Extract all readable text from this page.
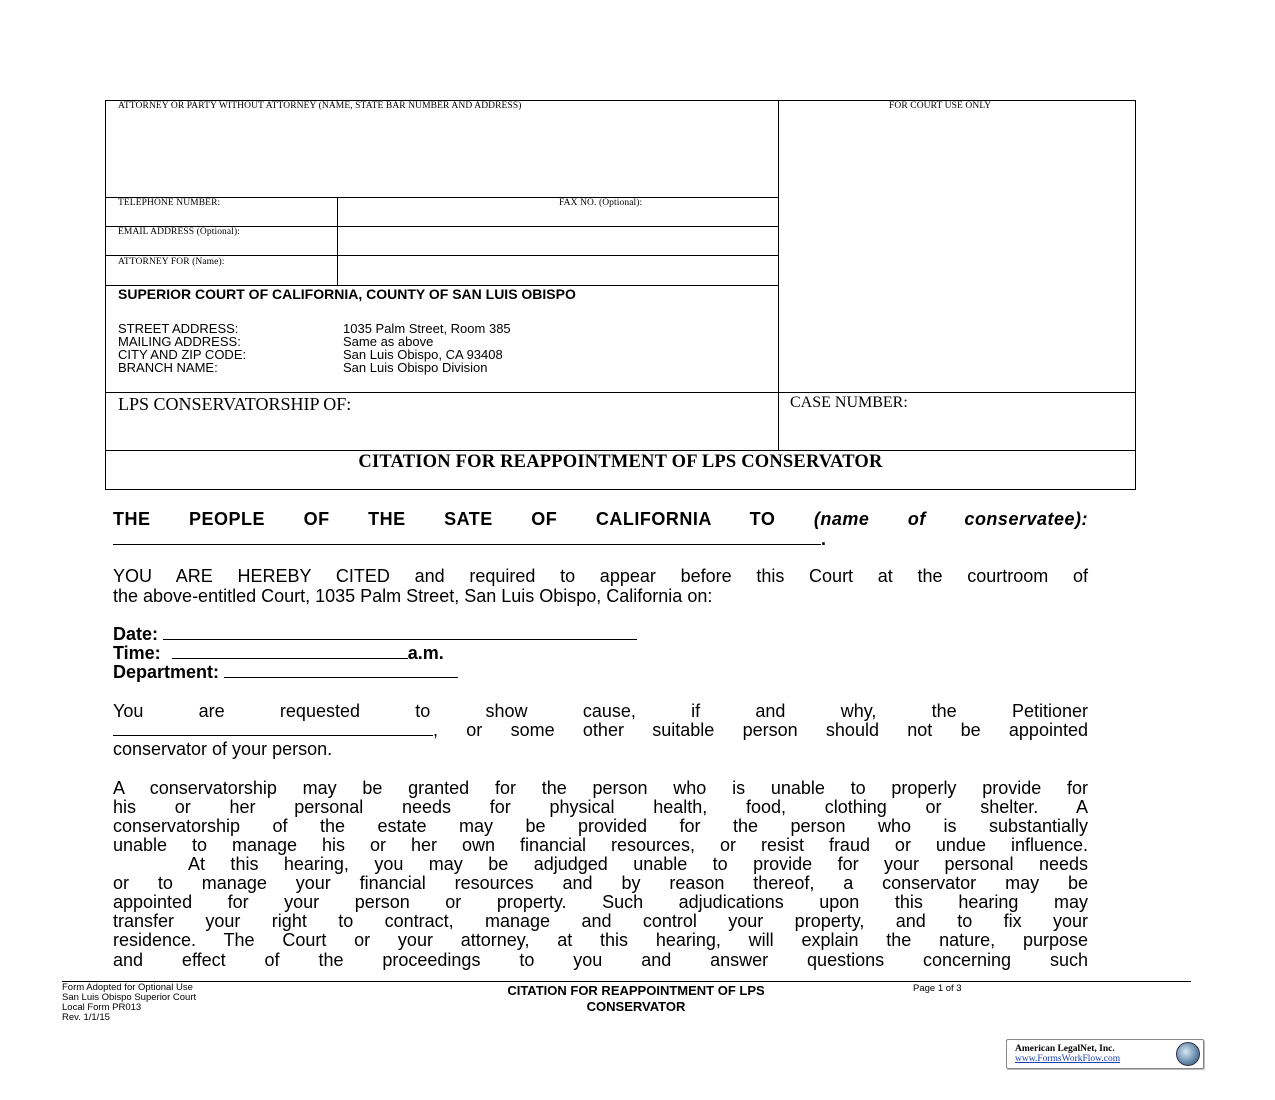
ATTORNEY OR PARTY WITHOUT ATTORNEY (NAME, STATE BAR NUMBER AND ADDRESS)	FOR COURT USE ONLY
TELEPHONE NUMBER:	FAX NO. (Optional):
EMAIL ADDRESS (Optional):
ATTORNEY FOR (Name):
SUPERIOR COURT OF CALIFORNIA, COUNTY OF SAN LUIS OBISPO
STREET ADDRESS:	1035 Palm Street, Room 385
MAILING ADDRESS:	Same as above
CITY AND ZIP CODE:	San Luis Obispo, CA 93408
BRANCH NAME:	San Luis Obispo Division
LPS CONSERVATORSHIP OF:	CASE NUMBER:
CITATION FOR REAPPOINTMENT OF LPS CONSERVATOR
THE PEOPLE OF THE SATE OF CALIFORNIA TO (name of conservatee):
.
YOU ARE HEREBY CITED and required to appear before this Court at the courtroom of
the above-entitled Court, 1035 Palm Street, San Luis Obispo, California on:
Date:
Time:	a.m.
Department:
You are requested to show cause, if and why, the Petitioner
, or some other suitable person should not be appointed
conservator of your person.
A conservatorship may be granted for the person who is unable to properly provide for
his or her personal needs for physical health, food, clothing or shelter. A
conservatorship of the estate may be provided for the person who is substantially
unable to manage his or her own financial resources, or resist fraud or undue influence.
At this hearing, you may be adjudged unable to provide for your personal needs
or to manage your financial resources and by reason thereof, a conservator may be
appointed for your person or property. Such adjudications upon this hearing may
transfer your right to contract, manage and control your property, and to fix your
residence. The Court or your attorney, at this hearing, will explain the nature, purpose
and effect of the proceedings to you and answer questions concerning such
Form Adopted for Optional Use
San Luis Obispo Superior Court
Local Form PR013
Rev. 1/1/15
CITATION FOR REAPPOINTMENT OF LPS
CONSERVATOR
Page 1 of 3
American LegalNet, Inc.
www.FormsWorkFlow.com
